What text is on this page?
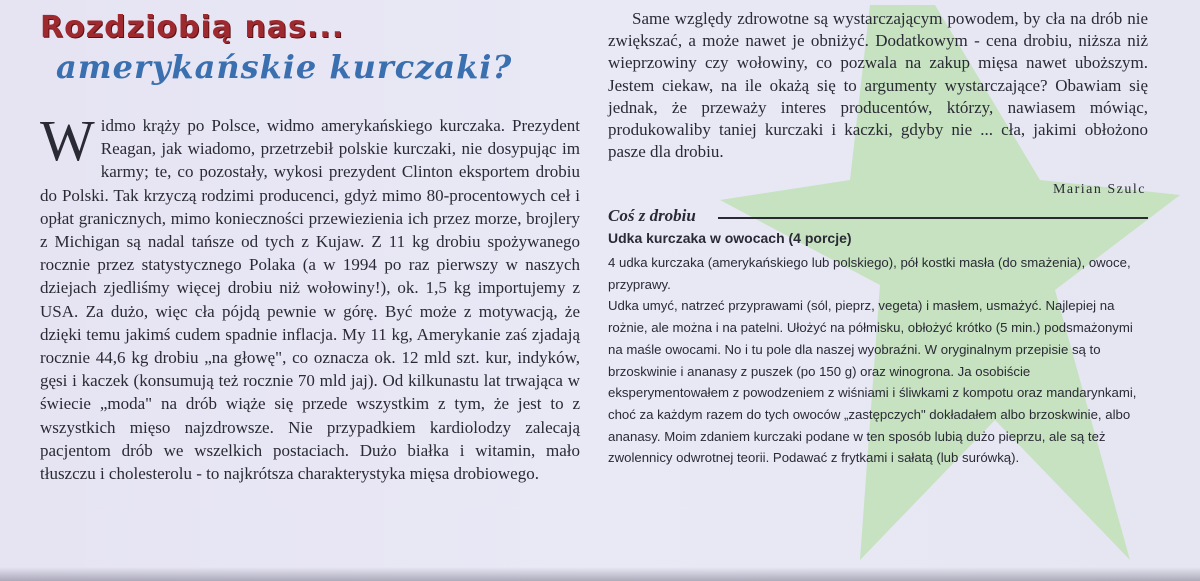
Rozdziobią nas...
amerykańskie kurczaki?

Widmo krąży po Polsce, widmo amerykańskiego kurczaka. Prezydent Reagan, jak wiadomo, przetrzebił polskie kurczaki, nie dosypując im karmy; te, co pozostały, wykosi prezydent Clinton eksportem drobiu do Polski. Tak krzyczą rodzimi producenci, gdyż mimo 80-procentowych ceł i opłat granicznych, mimo konieczności przewiezienia ich przez morze, brojlery z Michigan są nadal tańsze od tych z Kujaw. Z 11 kg drobiu spożywanego rocznie przez statystycznego Polaka (a w 1994 po raz pierwszy w naszych dziejach zjedliśmy więcej drobiu niż wołowiny!), ok. 1,5 kg importujemy z USA. Za dużo, więc cła pójdą pewnie w górę. Być może z motywacją, że dzięki temu jakimś cudem spadnie inflacja. My 11 kg, Amerykanie zaś zjadają rocznie 44,6 kg drobiu „na głowę", co oznacza ok. 12 mld szt. kur, indyków, gęsi i kaczek (konsumują też rocznie 70 mld jaj). Od kilkunastu lat trwająca w świecie „moda" na drób wiąże się przede wszystkim z tym, że jest to z wszystkich mięso najzdrowsze. Nie przypadkiem kardiolodzy zalecają pacjentom drób we wszelkich postaciach. Dużo białka i witamin, mało tłuszczu i cholesterolu - to najkrótsza charakterystyka mięsa drobiowego.

Same względy zdrowotne są wystarczającym powodem, by cła na drób nie zwiększać, a może nawet je obniżyć. Dodatkowym - cena drobiu, niższa niż wieprzowiny czy wołowiny, co pozwala na zakup mięsa nawet uboższym. Jestem ciekaw, na ile okażą się to argumenty wystarczające? Obawiam się jednak, że przeważy interes producentów, którzy, nawiasem mówiąc, produkowaliby taniej kurczaki i kaczki, gdyby nie ... cła, jakimi obłożono pasze dla drobiu.

Marian Szulc

Coś z drobiu

Udka kurczaka w owocach (4 porcje)

4 udka kurczaka (amerykańskiego lub polskiego), pół kostki masła (do smażenia), owoce, przyprawy.

Udka umyć, natrzeć przyprawami (sól, pieprz, vegeta) i masłem, usmażyć. Najlepiej na rożnie, ale można i na patelni. Ułożyć na półmisku, obłożyć krótko (5 min.) podsmażonymi na maśle owocami. No i tu pole dla naszej wyobraźni. W oryginalnym przepisie są to brzoskwinie i ananasy z puszek (po 150 g) oraz winogrona. Ja osobiście eksperymentowałem z powodzeniem z wiśniami i śliwkami z kompotu oraz mandarynkami, choć za każdym razem do tych owoców „zastępczych" dokładałem albo brzoskwinie, albo ananasy. Moim zdaniem kurczaki podane w ten sposób lubią dużo pieprzu, ale są też zwolennicy odwrotnej teorii. Podawać z frytkami i sałatą (lub surówką).
